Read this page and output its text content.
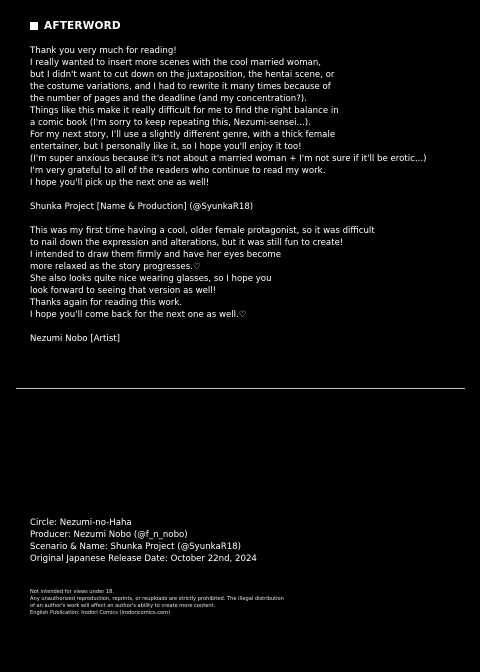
AFTERWORD
Thank you very much for reading!
I really wanted to insert more scenes with the cool married woman,
but I didn't want to cut down on the juxtaposition, the hentai scene, or
the costume variations, and I had to rewrite it many times because of
the number of pages and the deadline (and my concentration?).
Things like this make it really difficult for me to find the right balance in
a comic book (I'm sorry to keep repeating this, Nezumi-sensei...).
For my next story, I'll use a slightly different genre, with a thick female
entertainer, but I personally like it, so I hope you'll enjoy it too!
(I'm super anxious because it's not about a married woman + I'm not sure if it'll be erotic...)
I'm very grateful to all of the readers who continue to read my work.
I hope you'll pick up the next one as well!
Shunka Project [Name & Production] (@SyunkaR18)
This was my first time having a cool, older female protagonist, so it was difficult
to nail down the expression and alterations, but it was still fun to create!
I intended to draw them firmly and have her eyes become
more relaxed as the story progresses.♡
She also looks quite nice wearing glasses, so I hope you
look forward to seeing that version as well!
Thanks again for reading this work.
I hope you'll come back for the next one as well.♡
Nezumi Nobo [Artist]
Circle: Nezumi-no-Haha
Producer: Nezumi Nobo (@f_n_nobo)
Scenario & Name: Shunka Project (@SyunkaR18)
Original Japanese Release Date: October 22nd, 2024
Not intended for views under 18.
Any unauthorized reproduction, reprints, or reuploads are strictly prohibited. The illegal distribution
of an author's work will affect an author's ability to create more content.
English Publication: Irodori Comics (irodoricomics.com)
